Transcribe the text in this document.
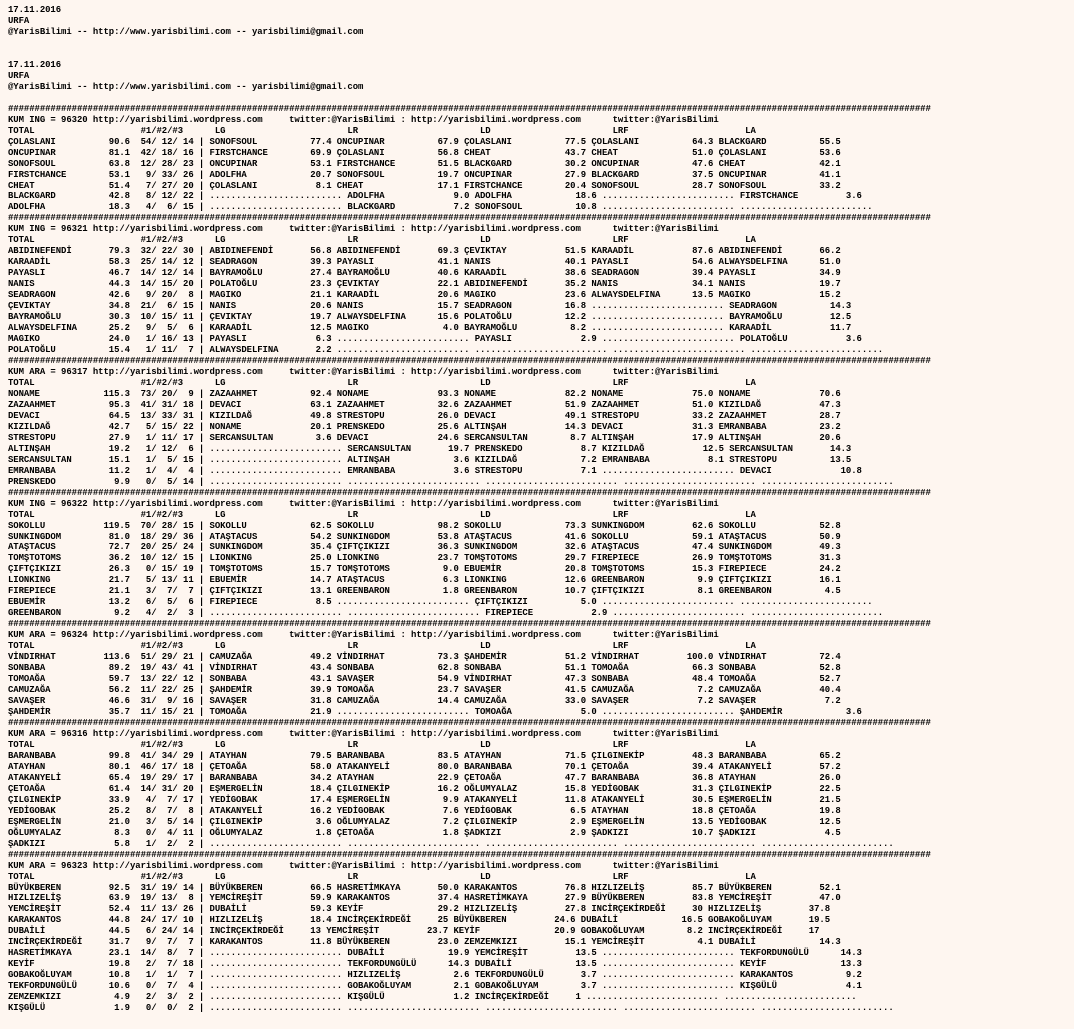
17.11.2016
URFA
@YarisBilimi -- http://www.yarisbilimi.com -- yarisbilimi@gmail.com
17.11.2016
URFA
@YarisBilimi -- http://www.yarisbilimi.com -- yarisbilimi@gmail.com
##############################################################################################################################################################################
KUM ING = 96320 http://yarisbilimi.wordpress.com     twitter:@YarisBilimi : http://yarisbilimi.wordpress.com      twitter:@YarisBilimi
TOTAL                    #1/#2/#3      LG                       LR                       LD                       LRF                      LA
ÇOLASLANI          90.6  54/ 12/ 14 | SONOFSOUL          77.4 ONCUPINAR          67.9 ÇOLASLANI          77.5 ÇOLASLANI          64.3 BLACKGARD          55.5
ONCUPINAR          81.1  42/ 18/ 16 | FIRSTCHANCE        69.9 ÇOLASLANI          56.8 CHEAT              43.7 CHEAT              51.0 ÇOLASLANI          53.6
SONOFSOUL          63.8  12/ 28/ 23 | ONCUPINAR          53.1 FIRSTCHANCE        51.5 BLACKGARD          30.2 ONCUPINAR          47.6 CHEAT              42.1
FIRSTCHANCE        53.1   9/ 33/ 26 | ADOLFHA            20.7 SONOFSOUL          19.7 ONCUPINAR          27.9 BLACKGARD          37.5 ONCUPINAR          41.1
CHEAT              51.4   7/ 27/ 20 | ÇOLASLANI           8.1 CHEAT              17.1 FIRSTCHANCE        20.4 SONOFSOUL          28.7 SONOFSOUL          33.2
BLACKGARD          42.8   8/ 12/ 22 | ......................... ADOLFHA             9.0 ADOLFHA            18.6 ......................... FIRSTCHANCE         3.6
ADOLFHA            18.3   4/  6/ 15 | ......................... BLACKGARD           7.2 SONOFSOUL          10.8 ......................... .........................
##############################################################################################################################################################################
KUM ING = 96321 http://yarisbilimi.wordpress.com     twitter:@YarisBilimi : http://yarisbilimi.wordpress.com      twitter:@YarisBilimi
TOTAL                    #1/#2/#3      LG                       LR                       LD                       LRF                      LA
ABIDINEFENDİ       79.3  32/ 22/ 30 | ABIDINEFENDİ       56.8 ABIDINEFENDİ       69.3 ÇEVIKTAY           51.5 KARAADİL           87.6 ABIDINEFENDİ       66.2
KARAADİL           58.3  25/ 14/ 12 | SEADRAGON          39.3 PAYASLI            41.1 NANIS              40.1 PAYASLI            54.6 ALWAYSDELFINA      51.0
PAYASLI            46.7  14/ 12/ 14 | BAYRAMOĞLU         27.4 BAYRAMOĞLU         40.6 KARAADİL           38.6 SEADRAGON          39.4 PAYASLI            34.9
NANIS              44.3  14/ 15/ 20 | POLATOĞLU          23.3 ÇEVIKTAY           22.1 ABIDINEFENDİ       35.2 NANIS              34.1 NANIS              19.7
SEADRAGON          42.6   9/ 20/  8 | MAGIKO             21.1 KARAADİL           20.6 MAGIKO             23.6 ALWAYSDELFINA      13.5 MAGIKO             15.2
ÇEVIKTAY           34.8  21/  6/ 15 | NANIS              20.6 NANIS              15.7 SEADRAGON          16.8 ......................... SEADRAGON          14.3
BAYRAMOĞLU         30.3  10/ 15/ 11 | ÇEVIKTAY           19.7 ALWAYSDELFINA      15.6 POLATOĞLU          12.2 ......................... BAYRAMOĞLU         12.5
ALWAYSDELFINA      25.2   9/  5/  6 | KARAADİL           12.5 MAGIKO              4.0 BAYRAMOĞLU          8.2 ......................... KARAADİL           11.7
MAGIKO             24.0   1/ 16/ 13 | PAYASLI             6.3 ......................... PAYASLI             2.9 ......................... POLATOĞLU           3.6
POLATOĞLU          15.4   1/ 11/  7 | ALWAYSDELFINA       2.2 ......................... ......................... ......................... .........................
##############################################################################################################################################################################
KUM ARA = 96317 http://yarisbilimi.wordpress.com     twitter:@YarisBilimi : http://yarisbilimi.wordpress.com      twitter:@YarisBilimi
TOTAL                    #1/#2/#3      LG                       LR                       LD                       LRF                      LA
NONAME            115.3  73/ 20/  9 | ZAZAAHMET          92.4 NONAME             93.3 NONAME             82.2 NONAME             75.0 NONAME             70.6
ZAZAAHMET          95.3  41/ 31/ 18 | DEVACI             63.1 ZAZAAHMET          32.6 ZAZAAHMET          51.9 ZAZAAHMET          51.0 KIZILDAĞ           47.3
DEVACI             64.5  13/ 33/ 31 | KIZILDAĞ           49.8 STRESTOPU          26.0 DEVACI             49.1 STRESTOPU          33.2 ZAZAAHMET          28.7
KIZILDAĞ           42.7   5/ 15/ 22 | NONAME             20.1 PRENSKEDO          25.6 ALTINŞAH           14.3 DEVACI             31.3 EMRANBABA          23.2
STRESTOPU          27.9   1/ 11/ 17 | SERCANSULTAN        3.6 DEVACI             24.6 SERCANSULTAN        8.7 ALTINŞAH           17.9 ALTINŞAH           20.6
ALTINŞAH           19.2   1/ 12/  6 | ......................... SERCANSULTAN       19.7 PRENSKEDO           8.7 KIZILDAĞ           12.5 SERCANSULTAN       14.3
SERCANSULTAN       15.1   1/  5/ 15 | ......................... ALTINŞAH            3.6 KIZILDAĞ            7.2 EMRANBABA           8.1 STRESTOPU          13.5
EMRANBABA          11.2   1/  4/  4 | ......................... EMRANBABA           3.6 STRESTOPU           7.1 ......................... DEVACI             10.8
PRENSKEDO           9.9   0/  5/ 14 | ......................... ......................... ......................... ......................... .........................
##############################################################################################################################################################################
KUM ING = 96322 http://yarisbilimi.wordpress.com     twitter:@YarisBilimi : http://yarisbilimi.wordpress.com      twitter:@YarisBilimi
TOTAL                    #1/#2/#3      LG                       LR                       LD                       LRF                      LA
SOKOLLU           119.5  70/ 28/ 15 | SOKOLLU            62.5 SOKOLLU            98.2 SOKOLLU            73.3 SUNKINGDOM         62.6 SOKOLLU            52.8
SUNKINGDOM         81.0  18/ 29/ 36 | ATAŞTACUS          54.2 SUNKINGDOM         53.8 ATAŞTACUS          41.6 SOKOLLU            59.1 ATAŞTACUS          50.9
ATAŞTACUS          72.7  20/ 25/ 24 | SUNKINGDOM         35.4 ÇIFTÇIKIZI         36.3 SUNKINGDOM         32.6 ATAŞTACUS          47.4 SUNKINGDOM         49.3
TOMŞTOTOMS         36.2  10/ 12/ 15 | LIONKING           25.0 LIONKING           23.7 TOMŞTOTOMS         29.7 FIREPIECE          26.9 TOMŞTOTOMS         31.3
ÇIFTÇIKIZI         26.3   0/ 15/ 19 | TOMŞTOTOMS         15.7 TOMŞTOTOMS          9.0 EBUEMİR            20.8 TOMŞTOTOMS         15.3 FIREPIECE          24.2
LIONKING           21.7   5/ 13/ 11 | EBUEMİR            14.7 ATAŞTACUS           6.3 LIONKING           12.6 GREENBARON          9.9 ÇIFTÇIKIZI         16.1
FIREPIECE          21.1   3/  7/  7 | ÇIFTÇIKIZI         13.1 GREENBARON          1.8 GREENBARON         10.7 ÇIFTÇIKIZI          8.1 GREENBARON          4.5
EBUEMİR            13.2   6/  5/  6 | FIREPIECE           8.5 ......................... ÇIFTÇIKIZI          5.0 ......................... .........................
GREENBARON          9.2   4/  2/  3 | ......................... ......................... FIREPIECE           2.9 ......................... .........................
##############################################################################################################################################################################
KUM ARA = 96324 http://yarisbilimi.wordpress.com     twitter:@YarisBilimi : http://yarisbilimi.wordpress.com      twitter:@YarisBilimi
TOTAL                    #1/#2/#3      LG                       LR                       LD                       LRF                      LA
VİNDIRHAT         113.6  51/ 29/ 21 | CAMUZAĞA           49.2 VİNDIRHAT          73.3 ŞAHDEMİR           51.2 VİNDIRHAT         100.0 VİNDIRHAT          72.4
SONBABA            89.2  19/ 43/ 41 | VİNDIRHAT          43.4 SONBABA            62.8 SONBABA            51.1 TOMOAĞA            66.3 SONBABA            52.8
TOMOAĞA            59.7  13/ 22/ 12 | SONBABA            43.1 SAVAŞER            54.9 VİNDIRHAT          47.3 SONBABA            48.4 TOMOAĞA            52.7
CAMUZAĞA           56.2  11/ 22/ 25 | ŞAHDEMİR           39.9 TOMOAĞA            23.7 SAVAŞER            41.5 CAMUZAĞA            7.2 CAMUZAĞA           40.4
SAVAŞER            46.6  31/  9/ 16 | SAVAŞER            31.8 CAMUZAĞA           14.4 CAMUZAĞA           33.0 SAVAŞER             7.2 SAVAŞER             7.2
ŞAHDEMİR           35.7  11/ 15/ 21 | TOMOAĞA            21.9 ......................... TOMOAĞA             5.0 ......................... ŞAHDEMİR            3.6
##############################################################################################################################################################################
KUM ARA = 96316 http://yarisbilimi.wordpress.com     twitter:@YarisBilimi : http://yarisbilimi.wordpress.com      twitter:@YarisBilimi
TOTAL                    #1/#2/#3      LG                       LR                       LD                       LRF                      LA
BARANBABA          99.8  41/ 34/ 29 | ATAYHAN            79.5 BARANBABA          83.5 ATAYHAN            71.5 ÇILGINEKİP         48.3 BARANBABA          65.2
ATAYHAN            80.1  46/ 17/ 18 | ÇETOAĞA            58.0 ATAKANYELİ         80.0 BARANBABA          70.1 ÇETOAĞA            39.4 ATAKANYELİ         57.2
ATAKANYELİ         65.4  19/ 29/ 17 | BARANBABA          34.2 ATAYHAN            22.9 ÇETOAĞA            47.7 BARANBABA          36.8 ATAYHAN            26.0
ÇETOAĞA            61.4  14/ 31/ 20 | EŞMERGELİN         18.4 ÇILGINEKİP         16.2 OĞLUMYALAZ         15.8 YEDİGOBAK          31.3 ÇILGINEKİP         22.5
ÇILGINEKİP         33.9   4/  7/ 17 | YEDİGOBAK          17.4 EŞMERGELİN          9.9 ATAKANYELİ         11.8 ATAKANYELİ         30.5 EŞMERGELİN         21.5
YEDİGOBAK          25.2   8/  7/  8 | ATAKANYELİ         16.2 YEDİGOBAK           7.6 YEDİGOBAK           6.5 ATAYHAN            18.8 ÇETOAĞA            19.8
EŞMERGELİN         21.0   3/  5/ 14 | ÇILGINEKİP          3.6 OĞLUMYALAZ          7.2 ÇILGINEKİP          2.9 EŞMERGELİN         13.5 YEDİGOBAK          12.5
OĞLUMYALAZ          8.3   0/  4/ 11 | OĞLUMYALAZ          1.8 ÇETOAĞA             1.8 ŞADKIZI             2.9 ŞADKIZI            10.7 ŞADKIZI             4.5
ŞADKIZI             5.8   1/  2/  2 | ......................... ......................... ......................... ......................... .........................
##############################################################################################################################################################################
KUM ARA = 96323 http://yarisbilimi.wordpress.com     twitter:@YarisBilimi : http://yarisbilimi.wordpress.com      twitter:@YarisBilimi
TOTAL                    #1/#2/#3      LG                       LR                       LD                       LRF                      LA
BÜYÜKBEREN         92.5  31/ 19/ 14 | BÜYÜKBEREN         66.5 HASRETİMKAYA       50.0 KARAKANTOS         76.8 HIZLIZELİŞ         85.7 BÜYÜKBEREN         52.1
HIZLIZELİŞ         63.9  19/ 13/  8 | YEMCİREŞİT         59.9 KARAKANTOS         37.4 HASRETİMKAYA       27.9 BÜYÜKBEREN         83.8 YEMCİREŞİT         47.0
YEMCİREŞİT         52.4  11/ 13/ 26 | DUBAİLİ            59.3 KEYİF              29.2 HIZLIZELİŞ         27.8 INCİRÇEKİRDEĞİ     30 HIZLIZELİŞ         37.8
KARAKANTOS         44.8  24/ 17/ 10 | HIZLIZELİŞ         18.4 INCİRÇEKİRDEĞİ     25 BÜYÜKBEREN         24.6 DUBAİLİ            16.5 GOBAKOĞLUYAM       19.5
DUBAİLİ            44.5   6/ 24/ 14 | INCİRÇEKİRDEĞİ     13 YEMCİREŞİT         23.7 KEYİF              20.9 GOBAKOĞLUYAM        8.2 INCİRÇEKİRDEĞİ     17
INCİRÇEKİRDEĞİ     31.7   9/  7/  7 | KARAKANTOS         11.8 BÜYÜKBEREN         23.0 ZEMZEMKIZI         15.1 YEMCİREŞİT          4.1 DUBAİLİ            14.3
HASRETİMKAYA       23.1  14/  8/  7 | ......................... DUBAİLİ            19.9 YEMCİREŞİT         13.5 ......................... TEKFORDUNGÜLÜ      14.3
KEYİF              19.8   2/  7/ 18 | ......................... TEKFORDUNGÜLÜ      14.3 DUBAİLİ            13.5 ......................... KEYİF              13.3
GOBAKOĞLUYAM       10.8   1/  1/  7 | ......................... HIZLIZELİŞ          2.6 TEKFORDUNGÜLÜ       3.7 ......................... KARAKANTOS          9.2
TEKFORDUNGÜLÜ      10.6   0/  7/  4 | ......................... GOBAKOĞLUYAM        2.1 GOBAKOĞLUYAM        3.7 ......................... KIŞGÜLÜ             4.1
ZEMZEMKIZI          4.9   2/  3/  2 | ......................... KIŞGÜLÜ             1.2 INCİRÇEKİRDEĞİ     1 ......................... .........................
KIŞGÜLÜ             1.9   0/  0/  2 | ......................... ......................... ......................... ......................... .........................
